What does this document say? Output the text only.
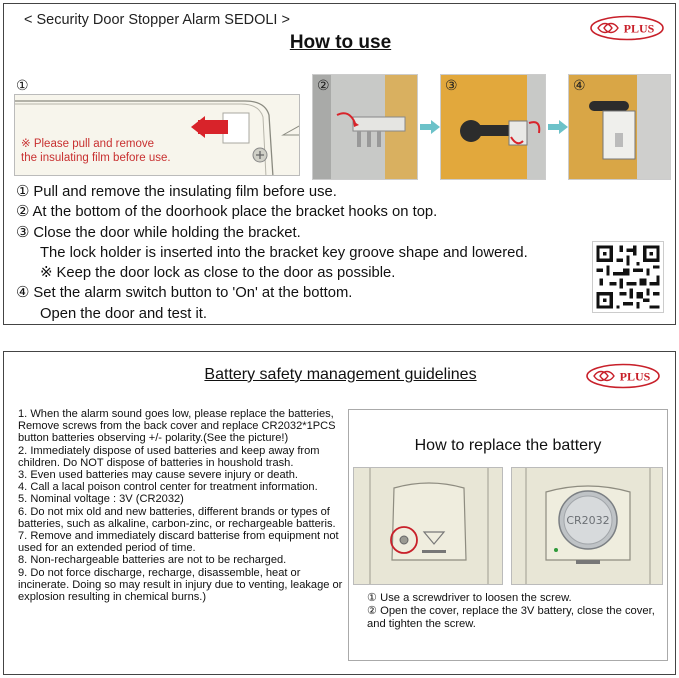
< Security Door Stopper Alarm SEDOLI >
How to use
PLUS
①
※ Please pull and remove
the insulating film before use.
②	③	④
① Pull and remove the insulating film before use.
② At the bottom of the doorhook place the bracket hooks on top.
③ Close the door while holding the bracket.
The lock holder is inserted into the bracket key groove shape and lowered.
※ Keep the door lock as close to the door as possible.
④ Set the alarm switch button to 'On' at the bottom.
Open the door and test it.
Battery safety management guidelines	PLUS

1. When the alarm sound goes low, please replace the batteries, Remove screws from the back cover and replace CR2032*1PCS button batteries observing +/- polarity.(See the picture!)

2. Immediately dispose of used batteries and keep away from children. Do NOT dispose of batteries in houshold trash.

3. Even used batteries may cause severe injury or death.

4. Call a lacal poison control center for treatment information.

5. Nominal voltage : 3V (CR2032)

6. Do not mix old and new batteries, different brands or types of batteries, such as alkaline, carbon-zinc, or rechargeable batteris.

7. Remove and immediately discard batterise from equipment not used for an extended period of time.

8. Non-rechargeable batteries are not to be recharged.

9. Do not force discharge, recharge, disassemble, heat or incinerate. Doing so may result in injury due to venting, leakage or explosion resulting in chemical burns.)

How to replace the battery
CR2032
① Use a screwdriver to loosen the screw.
② Open the cover, replace the 3V battery, close the cover, and tighten the screw.
